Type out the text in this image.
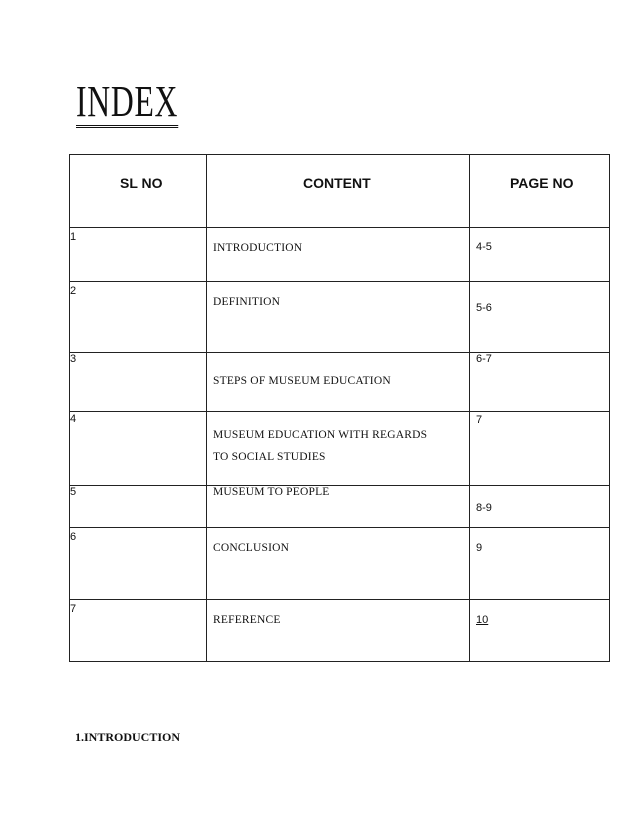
INDEX
SL NO	CONTENT	PAGE NO

1	INTRODUCTION	4-5

2	DEFINITION	5-6

3	STEPS OF MUSEUM EDUCATION	6-7

4	MUSEUM EDUCATION WITH REGARDS
TO SOCIAL STUDIES	7

5	MUSEUM TO PEOPLE	8-9

6	CONCLUSION	9

7	REFERENCE	10
1.INTRODUCTION
